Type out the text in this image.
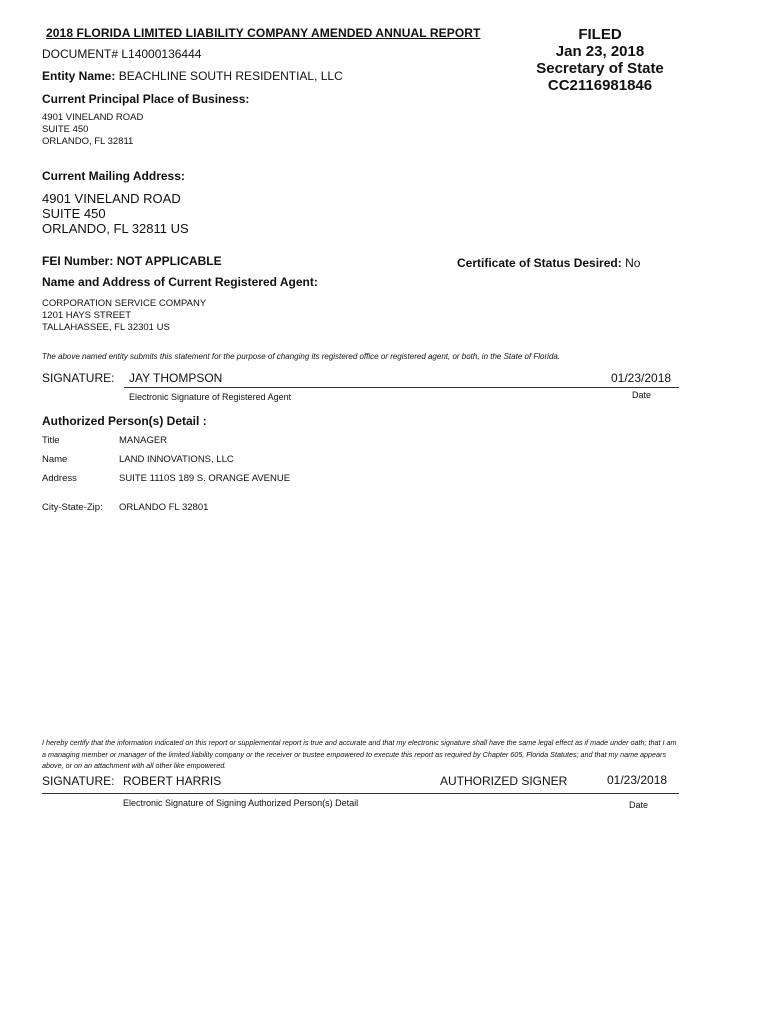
2018 FLORIDA LIMITED LIABILITY COMPANY AMENDED ANNUAL REPORT
DOCUMENT# L14000136444
Entity Name: BEACHLINE SOUTH RESIDENTIAL, LLC
FILED
Jan 23, 2018
Secretary of State
CC2116981846
Current Principal Place of Business:
4901 VINELAND ROAD
SUITE 450
ORLANDO, FL 32811
Current Mailing Address:
4901 VINELAND ROAD
SUITE 450
ORLANDO, FL 32811 US
FEI Number: NOT APPLICABLE	Certificate of Status Desired: No
Name and Address of Current Registered Agent:
CORPORATION SERVICE COMPANY
1201 HAYS STREET
TALLAHASSEE, FL 32301 US
The above named entity submits this statement for the purpose of changing its registered office or registered agent, or both, in the State of Florida.
SIGNATURE: JAY THOMPSON	01/23/2018
Electronic Signature of Registered Agent	Date
Authorized Person(s) Detail :
Title	MANAGER
Name	LAND INNOVATIONS, LLC
Address	SUITE 1110S 189 S. ORANGE AVENUE
City-State-Zip: ORLANDO FL 32801
I hereby certify that the information indicated on this report or supplemental report is true and accurate and that my electronic signature shall have the same legal effect as if made under oath; that I am a managing member or manager of the limited liability company or the receiver or trustee empowered to execute this report as required by Chapter 605, Florida Statutes; and that my name appears above, or on an attachment with all other like empowered.
SIGNATURE: ROBERT HARRIS	AUTHORIZED SIGNER	01/23/2018
Electronic Signature of Signing Authorized Person(s) Detail	Date
